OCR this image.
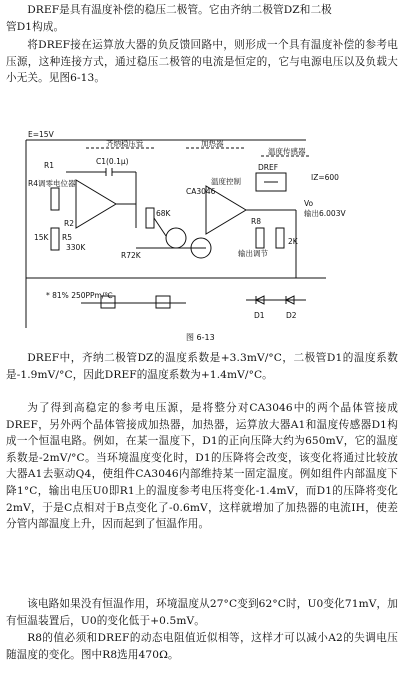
DREF是具有温度补偿的稳压二极管。它由齐纳二极管DZ和二极
管D1构成。
将DREF接在运算放大器的负反馈回路中，则形成一个具有温度补偿的参考电压源，这种连接方式，通过稳压二极管的电流是恒定的，它与电源电压以及负载大小无关。见图6-13。
E=15V
齐纳稳压管	加热器
温度传感器
温度控制
R1
R4调零电位器
C1(0.1μ)
R2
15K R5
330K
68K
R72K
CA3046
DREF
IZ=600
Vo
输出6.003V
R8
2K
输出调节
* 81% 250PPm/℃
D1	D2
图 6-13
DREF中，齐纳二极管DZ的温度系数是+3.3mV/°C，二极管D1的温度系数是-1.9mV/°C，因此DREF的温度系数为+1.4mV/°C。
为了得到高稳定的参考电压源，是将整分对CA3046中的两个晶体管接成DREF，另外两个晶体管接成加热器，加热器，运算放大器A1和温度传感器D1构成一个恒温电路。例如，在某一温度下，D1的正向压降大约为650mV，它的温度系数是-2mV/°C。当环境温度变化时，D1的压降将会改变，该变化将通过比较放大器A1去驱动Q4，使组件CA3046内部维持某一固定温度。例如组件内部温度下降1°C，输出电压U0即R1上的温度参考电压将变化-1.4mV，而D1的压降将变化2mV，于是C点相对于B点变化了-0.6mV，这样就增加了加热器的电流IH，使差分管内部温度上升，因而起到了恒温作用。
该电路如果没有恒温作用，环境温度从27°C变到62°C时，U0变化71mV，加有恒温装置后，U0的变化低于+0.5mV。
R8的值必须和DREF的动态电阻值近似相等，这样才可以减小A2的失调电压随温度的变化。图中R8选用470Ω。
